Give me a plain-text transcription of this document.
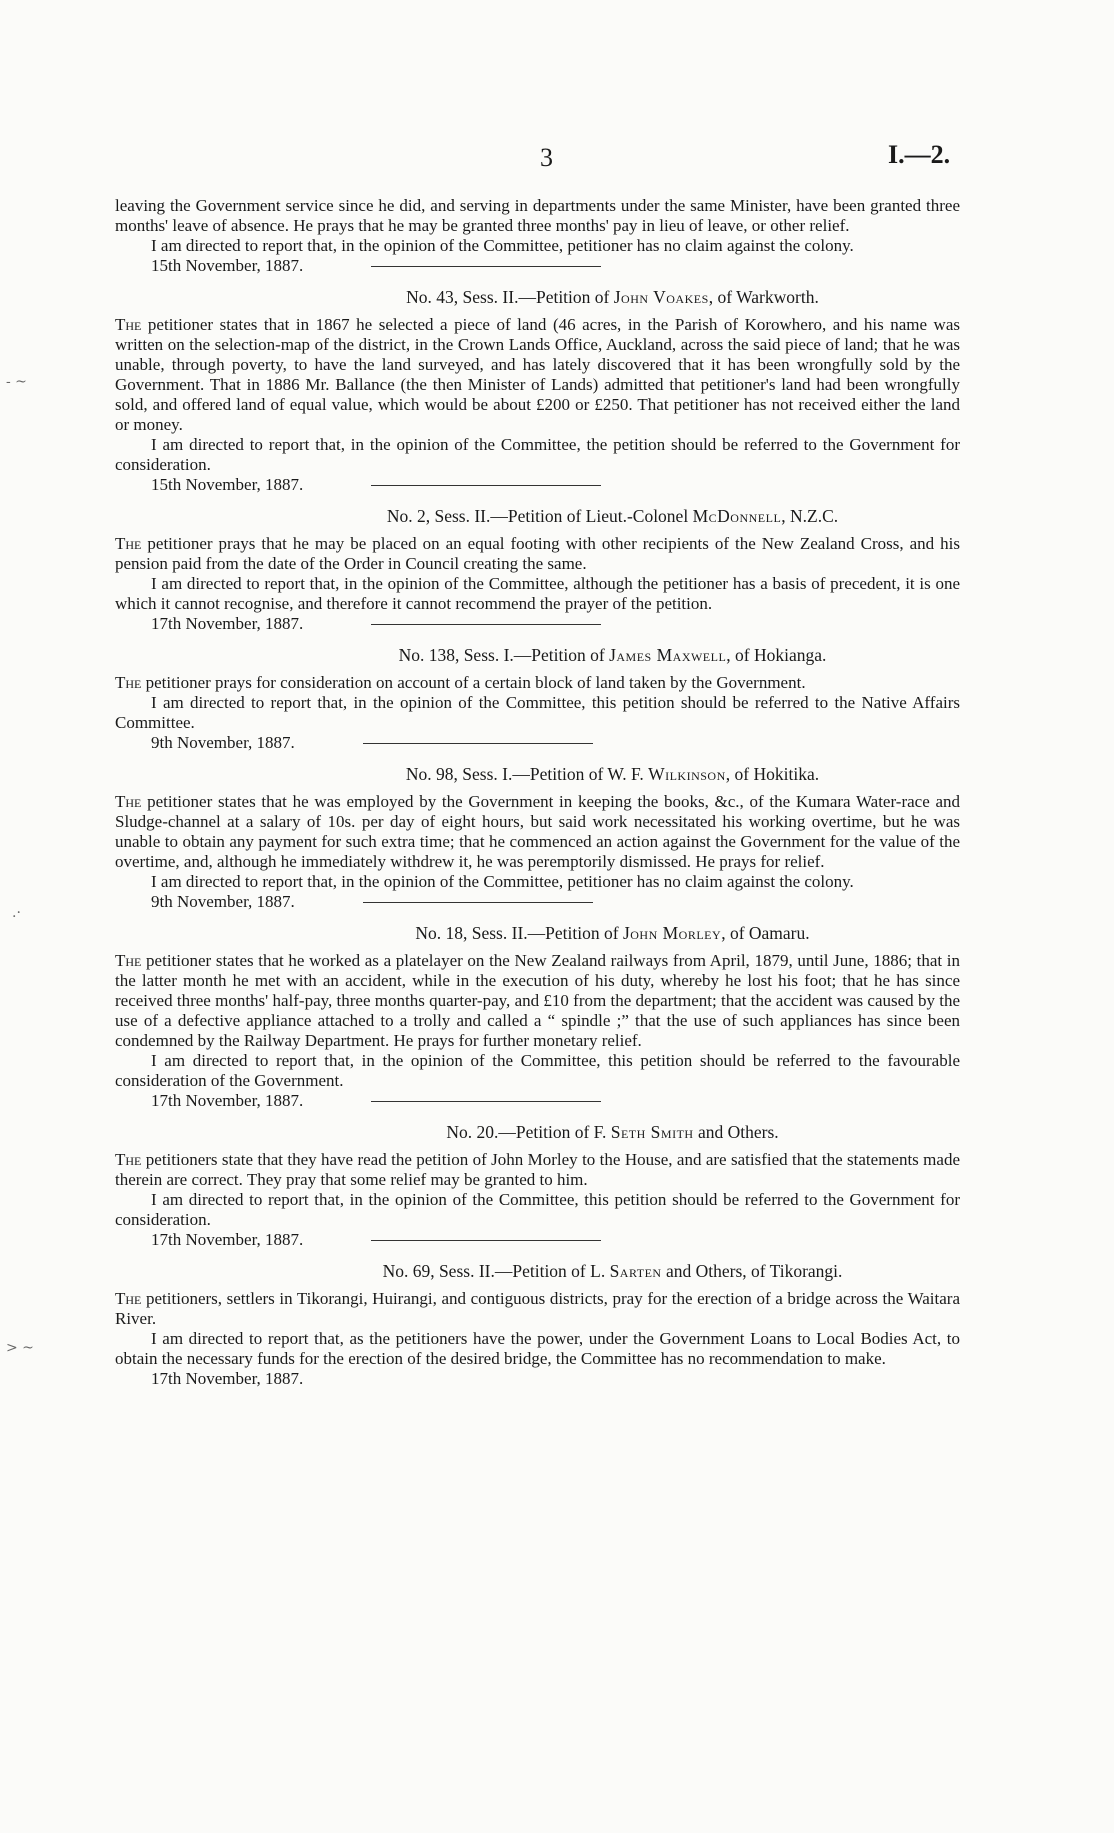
3	I.—2.
- ~
.·
> ~

leaving the Government service since he did, and serving in departments under the same Minister, have been granted three months' leave of absence. He prays that he may be granted three months' pay in lieu of leave, or other relief.

I am directed to report that, in the opinion of the Committee, petitioner has no claim against the colony.

15th November, 1887.
No. 43, Sess. II.—Petition of John Voakes, of Warkworth.

The petitioner states that in 1867 he selected a piece of land (46 acres, in the Parish of Korowhero, and his name was written on the selection-map of the district, in the Crown Lands Office, Auckland, across the said piece of land; that he was unable, through poverty, to have the land surveyed, and has lately discovered that it has been wrongfully sold by the Government. That in 1886 Mr. Ballance (the then Minister of Lands) admitted that petitioner's land had been wrongfully sold, and offered land of equal value, which would be about £200 or £250. That petitioner has not received either the land or money.

I am directed to report that, in the opinion of the Committee, the petition should be referred to the Government for consideration.

15th November, 1887.
No. 2, Sess. II.—Petition of Lieut.-Colonel McDonnell, N.Z.C.

The petitioner prays that he may be placed on an equal footing with other recipients of the New Zealand Cross, and his pension paid from the date of the Order in Council creating the same.

I am directed to report that, in the opinion of the Committee, although the petitioner has a basis of precedent, it is one which it cannot recognise, and therefore it cannot recommend the prayer of the petition.

17th November, 1887.
No. 138, Sess. I.—Petition of James Maxwell, of Hokianga.

The petitioner prays for consideration on account of a certain block of land taken by the Government.

I am directed to report that, in the opinion of the Committee, this petition should be referred to the Native Affairs Committee.

9th November, 1887.
No. 98, Sess. I.—Petition of W. F. Wilkinson, of Hokitika.

The petitioner states that he was employed by the Government in keeping the books, &c., of the Kumara Water-race and Sludge-channel at a salary of 10s. per day of eight hours, but said work necessitated his working overtime, but he was unable to obtain any payment for such extra time; that he commenced an action against the Government for the value of the overtime, and, although he immediately withdrew it, he was peremptorily dismissed. He prays for relief.

I am directed to report that, in the opinion of the Committee, petitioner has no claim against the colony.

9th November, 1887.
No. 18, Sess. II.—Petition of John Morley, of Oamaru.

The petitioner states that he worked as a platelayer on the New Zealand railways from April, 1879, until June, 1886; that in the latter month he met with an accident, while in the execution of his duty, whereby he lost his foot; that he has since received three months' half-pay, three months quarter-pay, and £10 from the department; that the accident was caused by the use of a defective appliance attached to a trolly and called a “ spindle ;” that the use of such appliances has since been condemned by the Railway Department. He prays for further monetary relief.

I am directed to report that, in the opinion of the Committee, this petition should be referred to the favourable consideration of the Government.

17th November, 1887.
No. 20.—Petition of F. Seth Smith and Others.

The petitioners state that they have read the petition of John Morley to the House, and are satisfied that the statements made therein are correct. They pray that some relief may be granted to him.

I am directed to report that, in the opinion of the Committee, this petition should be referred to the Government for consideration.

17th November, 1887.
No. 69, Sess. II.—Petition of L. Sarten and Others, of Tikorangi.

The petitioners, settlers in Tikorangi, Huirangi, and contiguous districts, pray for the erection of a bridge across the Waitara River.

I am directed to report that, as the petitioners have the power, under the Government Loans to Local Bodies Act, to obtain the necessary funds for the erection of the desired bridge, the Committee has no recommendation to make.

17th November, 1887.
